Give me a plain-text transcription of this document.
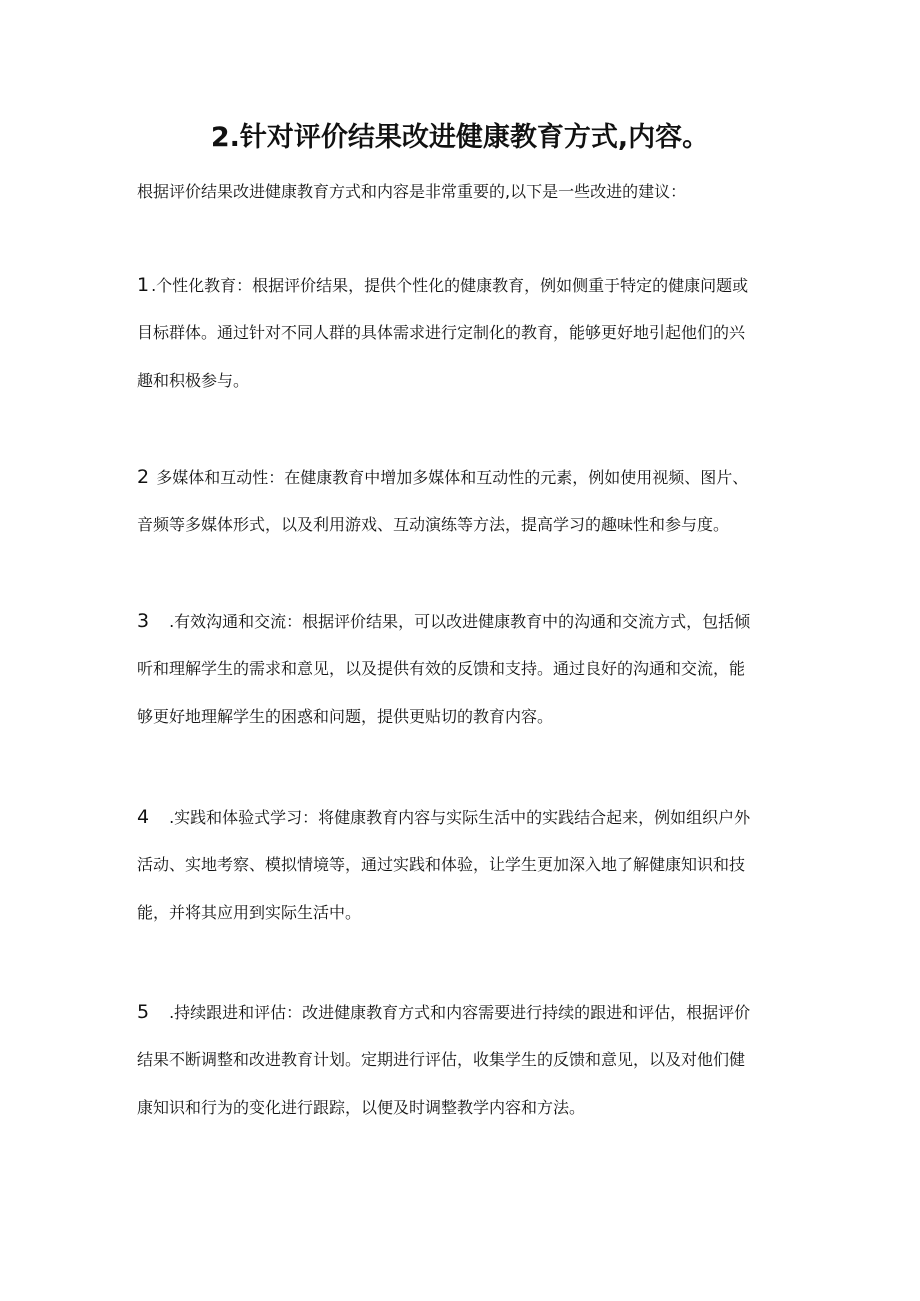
2.针对评价结果改进健康教育方式,内容。
根据评价结果改进健康教育方式和内容是非常重要的,以下是一些改进的建议：
1 .个性化教育：根据评价结果，提供个性化的健康教育，例如侧重于特定的健康问题或
目标群体。通过针对不同人群的具体需求进行定制化的教育，能够更好地引起他们的兴
趣和积极参与。
2 多媒体和互动性：在健康教育中增加多媒体和互动性的元素，例如使用视频、图片、
音频等多媒体形式，以及利用游戏、互动演练等方法，提高学习的趣味性和参与度。
3 .有效沟通和交流：根据评价结果，可以改进健康教育中的沟通和交流方式，包括倾
听和理解学生的需求和意见，以及提供有效的反馈和支持。通过良好的沟通和交流，能
够更好地理解学生的困惑和问题，提供更贴切的教育内容。
4 .实践和体验式学习：将健康教育内容与实际生活中的实践结合起来，例如组织户外
活动、实地考察、模拟情境等，通过实践和体验，让学生更加深入地了解健康知识和技
能，并将其应用到实际生活中。
5 .持续跟进和评估：改进健康教育方式和内容需要进行持续的跟进和评估，根据评价
结果不断调整和改进教育计划。定期进行评估，收集学生的反馈和意见，以及对他们健
康知识和行为的变化进行跟踪，以便及时调整教学内容和方法。
